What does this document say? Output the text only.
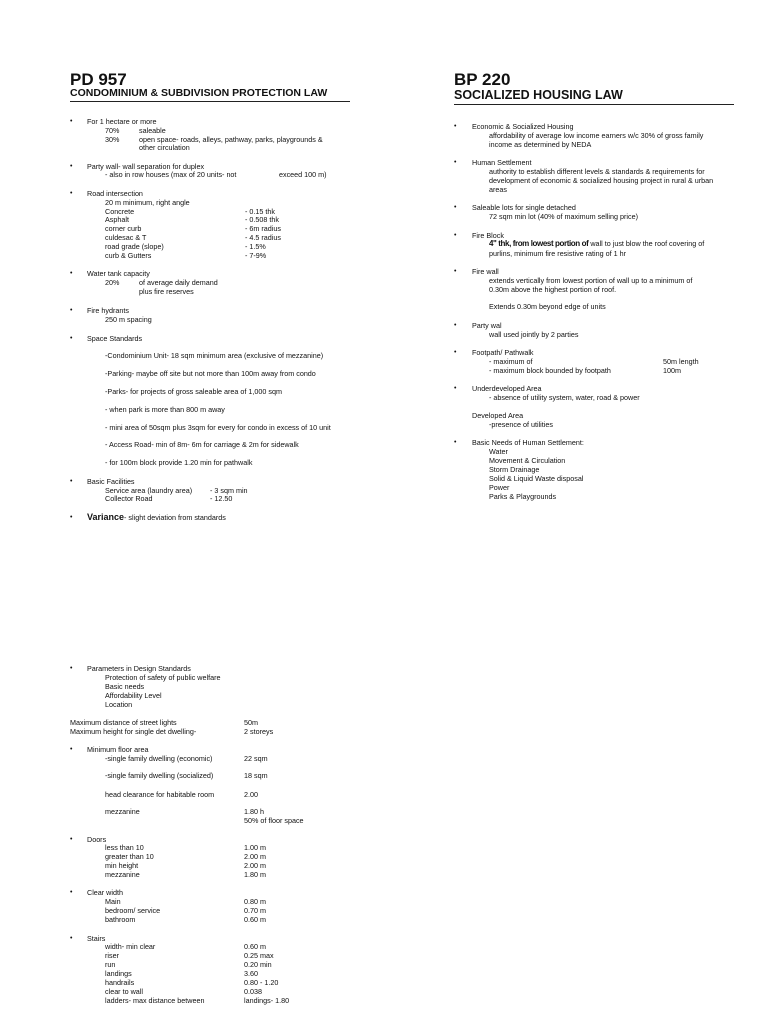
PD 957
CONDOMINIUM & SUBDIVISION PROTECTION LAW
• For 1 hectare or more
70%	saleable
30%	open space- roads, alleys, pathway, parks, playgrounds &
other circulation
• Party wall- wall separation for duplex
- also in row houses (max of 20 units- not	exceed 100 m)
• Road intersection
20 m minimum, right angle
Concrete	- 0.15 thk
Asphalt	- 0.508 thk
corner curb	- 6m radius
culdesac & T	- 4.5 radius
road grade (slope)	- 1.5%
curb & Gutters	- 7-9%
• Water tank capacity
20%	of average daily demand
plus fire reserves
• Fire hydrants
250 m spacing
• Space Standards
-Condominium Unit- 18 sqm minimum area (exclusive of mezzanine)
-Parking- maybe off site but not more than 100m away from condo
-Parks- for projects of gross saleable area of 1,000 sqm
- when park is more than 800 m away
- mini area of 50sqm plus 3sqm for every for condo in excess of 10 unit
- Access Road- min of 8m- 6m for carriage & 2m for sidewalk
- for 100m block provide 1.20 min for pathwalk
• Basic Facilities
Service area (laundry area) - 3 sqm min
Collector Road	- 12.50
• Variance- slight deviation from standards
BP 220
SOCIALIZED HOUSING LAW
• Economic & Socialized Housing
affordability of average low income earners w/c 30% of gross family
income as determined by NEDA
• Human Settlement
authority to establish different levels & standards & requirements for
development of economic & socialized housing project in rural & urban
areas
• Saleable lots for single detached
72 sqm min lot (40% of maximum selling price)
• Fire Block
4" thk, from lowest portion of wall to just blow the roof covering of
purlins, minimum fire resistive rating of 1 hr
• Fire wall
extends vertically from lowest portion of wall up to a minimum of
0.30m above the highest portion of roof.
Extends 0.30m beyond edge of units
• Party wal
wall used jointly by 2 parties
• Footpath/ Pathwalk
- maximum of	50m length
- maximum block bounded by footpath	100m
• Underdeveloped Area
- absence of utility system, water, road & power
Developed Area
-presence of utilities
• Basic Needs of Human Settlement:
Water
Movement & Circulation
Storm Drainage
Solid & Liquid Waste disposal
Power
Parks & Playgrounds
• Parameters in Design Standards
Protection of safety of public welfare
Basic needs
Affordability Level
Location
Maximum distance of street lights	50m
Maximum height for single det dwelling-	2 storeys
• Minimum floor area
-single family dwelling (economic)	22 sqm
-single family dwelling (socialized)	18 sqm
head clearance for habitable room	2.00
mezzanine	1.80 h
50% of floor space
• Doors
less than 10	1.00 m
greater than 10	2.00 m
min height	2.00 m
mezzanine	1.80 m
• Clear width
Main	0.80 m
bedroom/ service	0.70 m
bathroom	0.60 m
• Stairs
width- min clear	0.60 m
riser	0.25 max
run	0.20 min
landings	3.60
handrails	0.80 - 1.20
clear to wall	0.038
ladders- max distance between	landings- 1.80
